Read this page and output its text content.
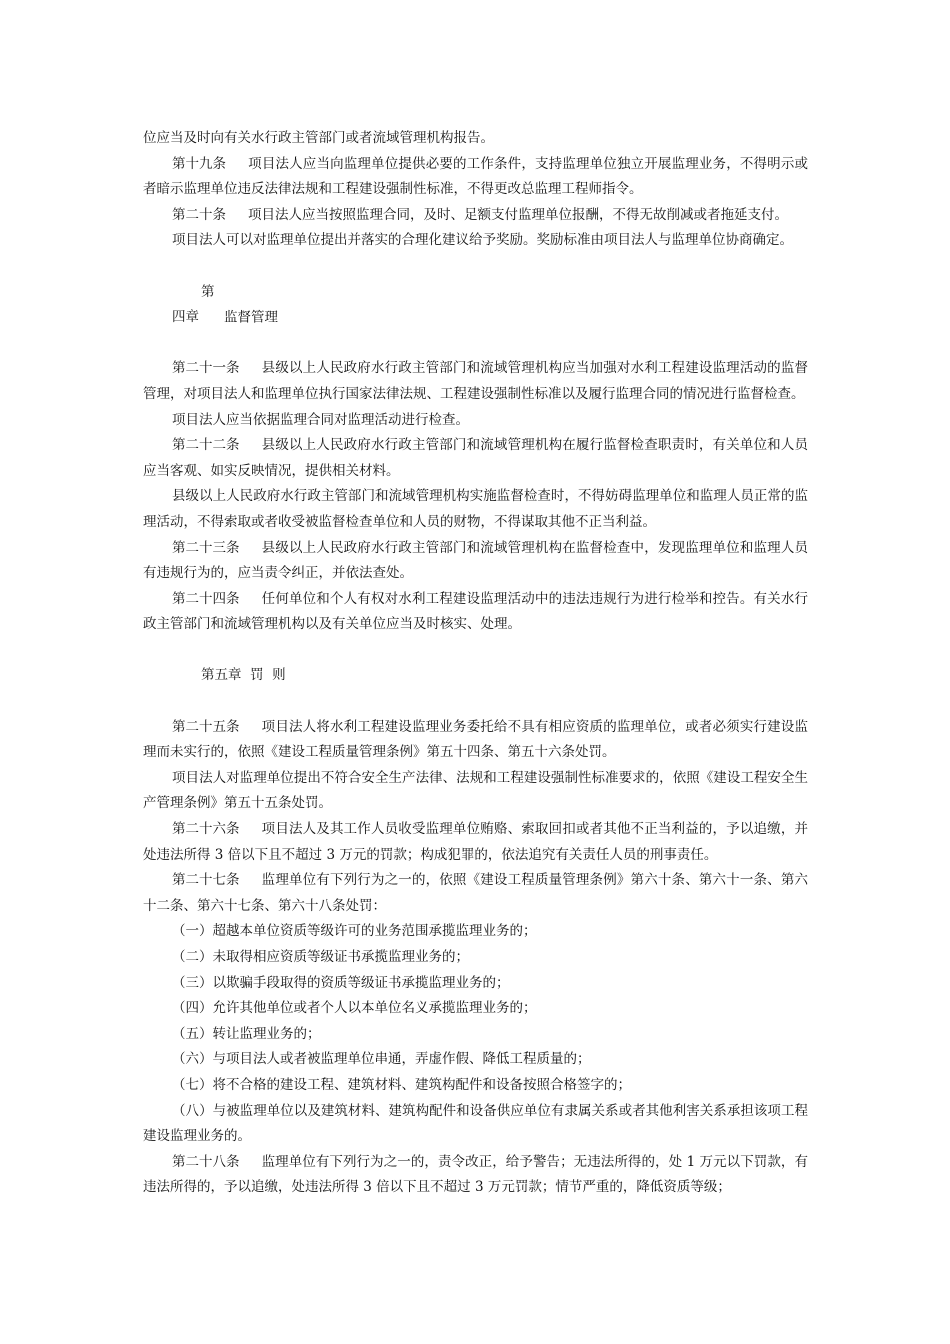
位应当及时向有关水行政主管部门或者流域管理机构报告。

第十九条 项目法人应当向监理单位提供必要的工作条件，支持监理单位独立开展监理业务，不得明示或者暗示监理单位违反法律法规和工程建设强制性标准，不得更改总监理工程师指令。

第二十条 项目法人应当按照监理合同，及时、足额支付监理单位报酬，不得无故削减或者拖延支付。

项目法人可以对监理单位提出并落实的合理化建议给予奖励。奖励标准由项目法人与监理单位协商确定。

第四章 监督管理

第二十一条 县级以上人民政府水行政主管部门和流域管理机构应当加强对水利工程建设监理活动的监督管理，对项目法人和监理单位执行国家法律法规、工程建设强制性标准以及履行监理合同的情况进行监督检查。

项目法人应当依据监理合同对监理活动进行检查。

第二十二条 县级以上人民政府水行政主管部门和流域管理机构在履行监督检查职责时，有关单位和人员应当客观、如实反映情况，提供相关材料。

县级以上人民政府水行政主管部门和流域管理机构实施监督检查时，不得妨碍监理单位和监理人员正常的监理活动，不得索取或者收受被监督检查单位和人员的财物，不得谋取其他不正当利益。

第二十三条 县级以上人民政府水行政主管部门和流域管理机构在监督检查中，发现监理单位和监理人员有违规行为的，应当责令纠正，并依法查处。

第二十四条 任何单位和个人有权对水利工程建设监理活动中的违法违规行为进行检举和控告。有关水行政主管部门和流域管理机构以及有关单位应当及时核实、处理。

第五章 罚  则

第二十五条 项目法人将水利工程建设监理业务委托给不具有相应资质的监理单位，或者必须实行建设监理而未实行的，依照《建设工程质量管理条例》第五十四条、第五十六条处罚。

项目法人对监理单位提出不符合安全生产法律、法规和工程建设强制性标准要求的，依照《建设工程安全生产管理条例》第五十五条处罚。

第二十六条 项目法人及其工作人员收受监理单位贿赂、索取回扣或者其他不正当利益的，予以追缴，并处违法所得 3 倍以下且不超过 3 万元的罚款；构成犯罪的，依法追究有关责任人员的刑事责任。

第二十七条 监理单位有下列行为之一的，依照《建设工程质量管理条例》第六十条、第六十一条、第六十二条、第六十七条、第六十八条处罚：

（一）超越本单位资质等级许可的业务范围承揽监理业务的；

（二）未取得相应资质等级证书承揽监理业务的；

（三）以欺骗手段取得的资质等级证书承揽监理业务的；

（四）允许其他单位或者个人以本单位名义承揽监理业务的；

（五）转让监理业务的；

（六）与项目法人或者被监理单位串通，弄虚作假、降低工程质量的；

（七）将不合格的建设工程、建筑材料、建筑构配件和设备按照合格签字的；

（八）与被监理单位以及建筑材料、建筑构配件和设备供应单位有隶属关系或者其他利害关系承担该项工程建设监理业务的。

第二十八条 监理单位有下列行为之一的，责令改正，给予警告；无违法所得的，处 1 万元以下罚款，有违法所得的，予以追缴，处违法所得 3 倍以下且不超过 3 万元罚款；情节严重的，降低资质等级；
